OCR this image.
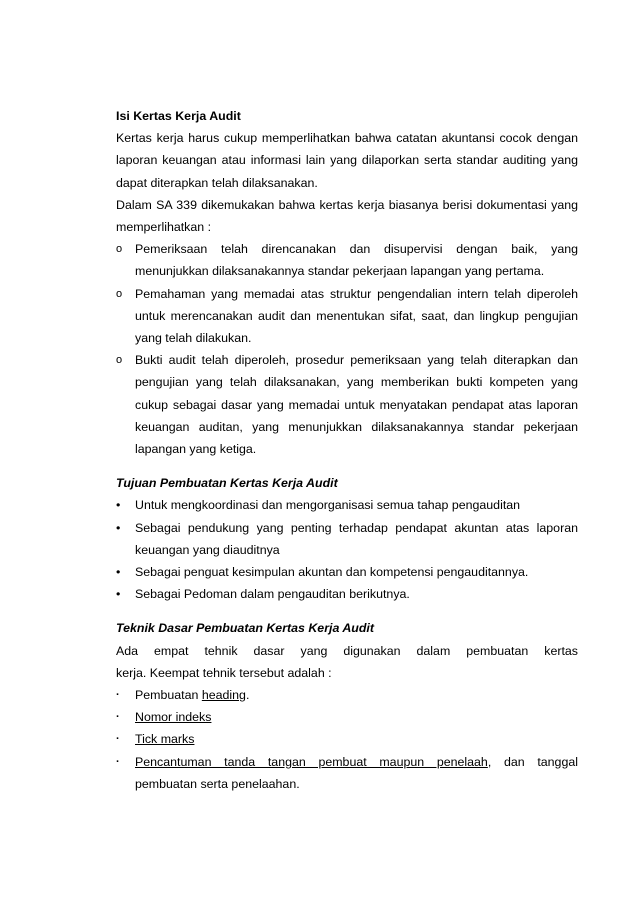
Isi Kertas Kerja Audit

Kertas kerja harus cukup memperlihatkan bahwa catatan akuntansi cocok dengan laporan keuangan atau informasi lain yang dilaporkan serta standar auditing yang dapat diterapkan telah dilaksanakan.

Dalam SA 339 dikemukakan bahwa kertas kerja biasanya berisi dokumentasi yang memperlihatkan :

o	Pemeriksaan telah direncanakan dan disupervisi dengan baik, yang menunjukkan dilaksanakannya standar pekerjaan lapangan yang pertama.
o	Pemahaman yang memadai atas struktur pengendalian intern telah diperoleh untuk merencanakan audit dan menentukan sifat, saat, dan lingkup pengujian yang telah dilakukan.
o	Bukti audit telah diperoleh, prosedur pemeriksaan yang telah diterapkan dan pengujian yang telah dilaksanakan, yang memberikan bukti kompeten yang cukup sebagai dasar yang memadai untuk menyatakan pendapat atas laporan keuangan auditan, yang menunjukkan dilaksanakannya standar pekerjaan lapangan yang ketiga.
Tujuan Pembuatan Kertas Kerja Audit
•	Untuk mengkoordinasi dan mengorganisasi semua tahap pengauditan
•	Sebagai pendukung yang penting terhadap pendapat akuntan atas laporan keuangan yang diauditnya
•	Sebagai penguat kesimpulan akuntan dan kompetensi pengauditannya.
•	Sebagai Pedoman dalam pengauditan berikutnya.
Teknik Dasar Pembuatan Kertas Kerja Audit
Ada empat tehnik dasar yang digunakan dalam pembuatan kertas
kerja. Keempat tehnik tersebut adalah :
·	Pembuatan heading.
·	Nomor indeks
·	Tick marks
·	Pencantuman tanda tangan pembuat maupun penelaah, dan tanggal pembuatan serta penelaahan.
